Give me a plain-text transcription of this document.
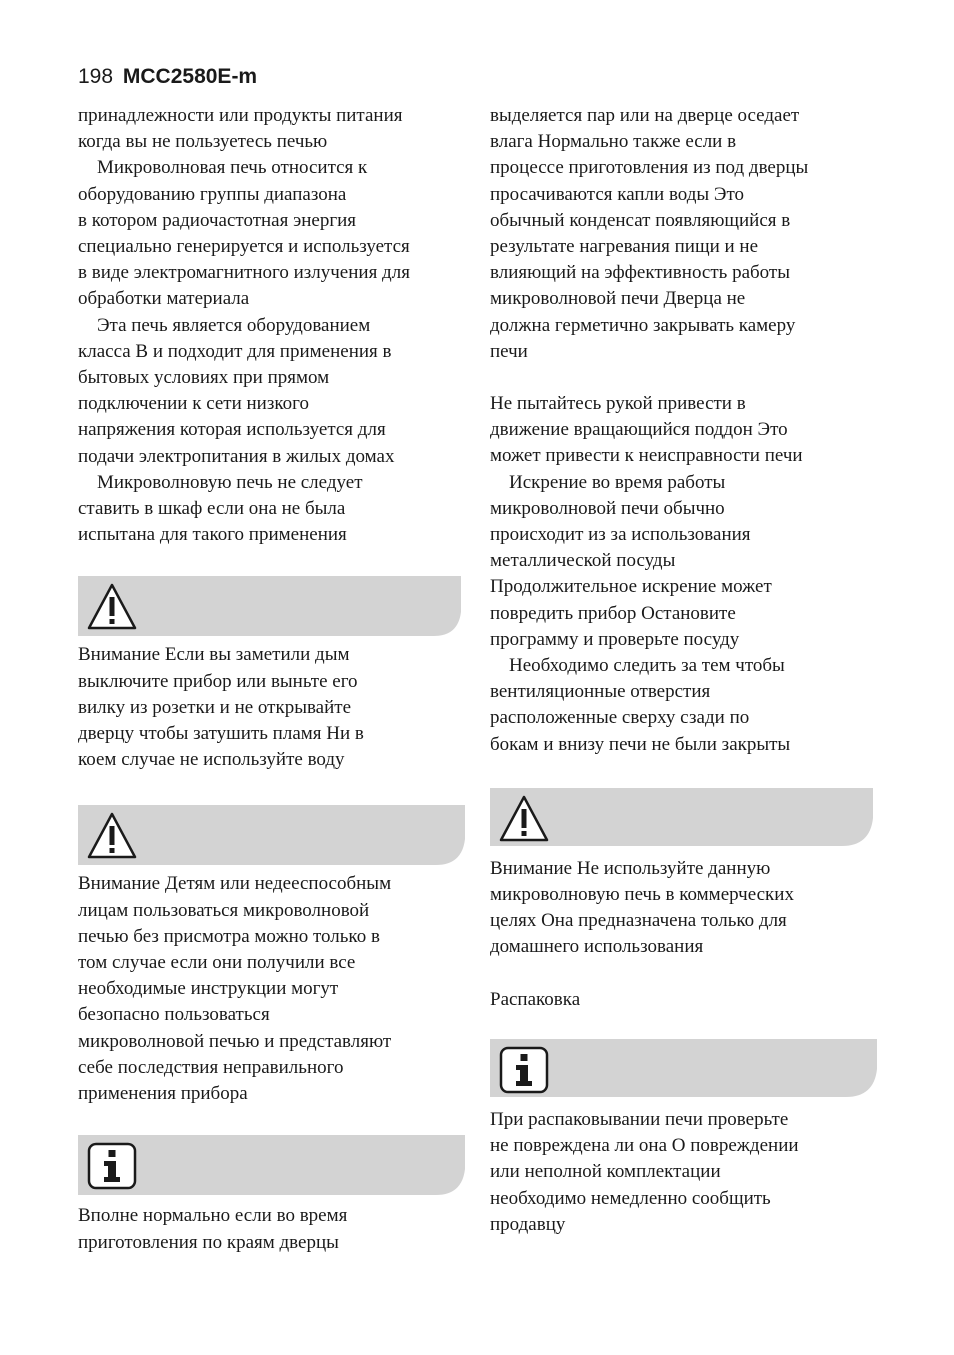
198 MCC2580E-m

принадлежности или продукты питания

когда вы не пользуетесь печью

Микроволновая печь относится к

оборудованию группы диапазона

в котором радиочастотная энергия

специально генерируется и используется

в виде электромагнитного излучения для

обработки материала

Эта печь является оборудованием

класса B и подходит для применения в

бытовых условиях при прямом

подключении к сети низкого

напряжения которая используется для

подачи электропитания в жилых домах

Микроволновую печь не следует

ставить в шкаф если она не была

испытана для такого применения

Внимание Если вы заметили дым

выключите прибор или выньте его

вилку из розетки и не открывайте

дверцу чтобы затушить пламя Ни в

коем случае не используйте воду

Внимание Детям или недееспособным

лицам пользоваться микроволновой

печью без присмотра можно только в

том случае если они получили все

необходимые инструкции могут

безопасно пользоваться

микроволновой печью и представляют

себе последствия неправильного

применения прибора

Вполне нормально если во время

приготовления по краям дверцы

выделяется пар или на дверце оседает

влага Нормально также если в

процессе приготовления из под дверцы

просачиваются капли воды Это

обычный конденсат появляющийся в

результате нагревания пищи и не

влияющий на эффективность работы

микроволновой печи Дверца не

должна герметично закрывать камеру

печи

Не пытайтесь рукой привести в

движение вращающийся поддон Это

может привести к неисправности печи

Искрение во время работы

микроволновой печи обычно

происходит из за использования

металлической посуды

Продолжительное искрение может

повредить прибор Остановите

программу и проверьте посуду

Необходимо следить за тем чтобы

вентиляционные отверстия

расположенные сверху сзади по

бокам и внизу печи не были закрыты

Внимание Не используйте данную

микроволновую печь в коммерческих

целях Она предназначена только для

домашнего использования

Распаковка

При распаковывании печи проверьте

не повреждена ли она О повреждении

или неполной комплектации

необходимо немедленно сообщить

продавцу
